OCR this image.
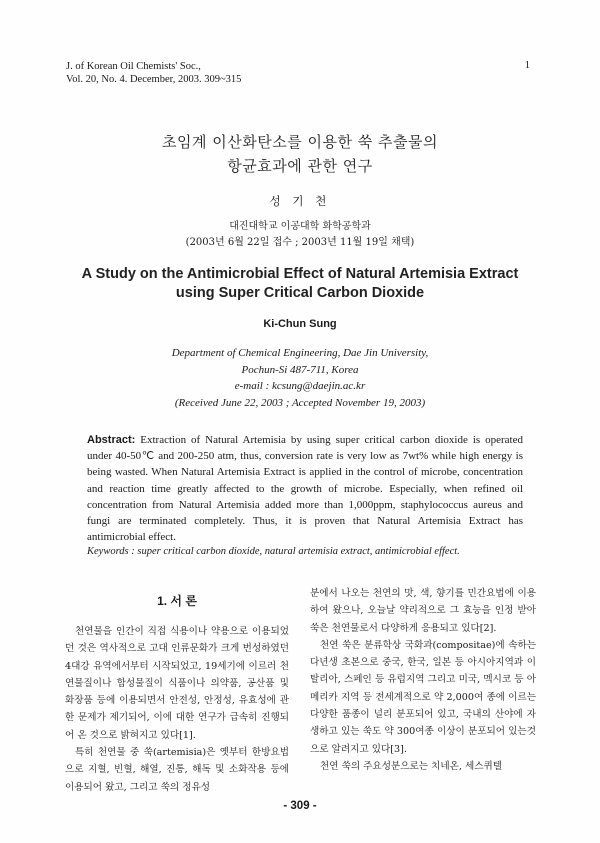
J. of Korean Oil Chemists' Soc.,
Vol. 20, No. 4. December, 2003. 309~315
1
초임계 이산화탄소를 이용한 쑥 추출물의
항균효과에 관한 연구
성 기 천
대진대학교 이공대학 화학공학과
(2003년 6월 22일 접수 ; 2003년 11월 19일 채택)
A Study on the Antimicrobial Effect of Natural Artemisia Extract
using Super Critical Carbon Dioxide
Ki-Chun Sung
Department of Chemical Engineering, Dae Jin University,
Pochun-Si 487-711, Korea
e-mail : kcsung@daejin.ac.kr
(Received June 22, 2003 ; Accepted November 19, 2003)
Abstract: Extraction of Natural Artemisia by using super critical carbon dioxide is operated under 40-50℃ and 200-250 atm, thus, conversion rate is very low as 7wt% while high energy is being wasted. When Natural Artemisia Extract is applied in the control of microbe, concentration and reaction time greatly affected to the growth of microbe. Especially, when refined oil concentration from Natural Artemisia added more than 1,000ppm, staphylococcus aureus and fungi are terminated completely. Thus, it is proven that Natural Artemisia Extract has antimicrobial effect.
Keywords : super critical carbon dioxide, natural artemisia extract, antimicrobial effect.
1. 서 론

천연물을 인간이 직접 식용이나 약용으로 이용되었던 것은 역사적으로 고대 인류문화가 크게 번성하였던 4대강 유역에서부터 시작되었고, 19세기에 이르러 천연물질이나 합성물질이 식품이나 의약품, 공산품 및 화장품 등에 이용되면서 안전성, 안정성, 유효성에 관한 문제가 제기되어, 이에 대한 연구가 급속히 진행되어 온 것으로 밝혀지고 있다[1].

특히 천연물 중 쑥(artemisia)은 옛부터 한방요법으로 지혈, 빈혈, 해열, 진통, 해독 및 소화작용 등에 이용되어 왔고, 그리고 쑥의 정유성

분에서 나오는 천연의 맛, 색, 향기를 민간요법에 이용하여 왔으나, 오늘날 약리적으로 그 효능을 인정 받아 쑥은 천연물로서 다양하게 응용되고 있다[2].

천연 쑥은 분류학상 국화과(compositae)에 속하는 다년생 초본으로 중국, 한국, 일본 등 아시아지역과 이탈리아, 스페인 등 유럽지역 그리고 미국, 멕시코 등 아메리카 지역 등 전세계적으로 약 2,000여 종에 이르는 다양한 품종이 널리 분포되어 있고, 국내의 산야에 자생하고 있는 쑥도 약 300여종 이상이 분포되어 있는것으로 알려지고 있다[3].

천연 쑥의 주요성분으로는 치네온, 세스퀴텔

- 309 -
